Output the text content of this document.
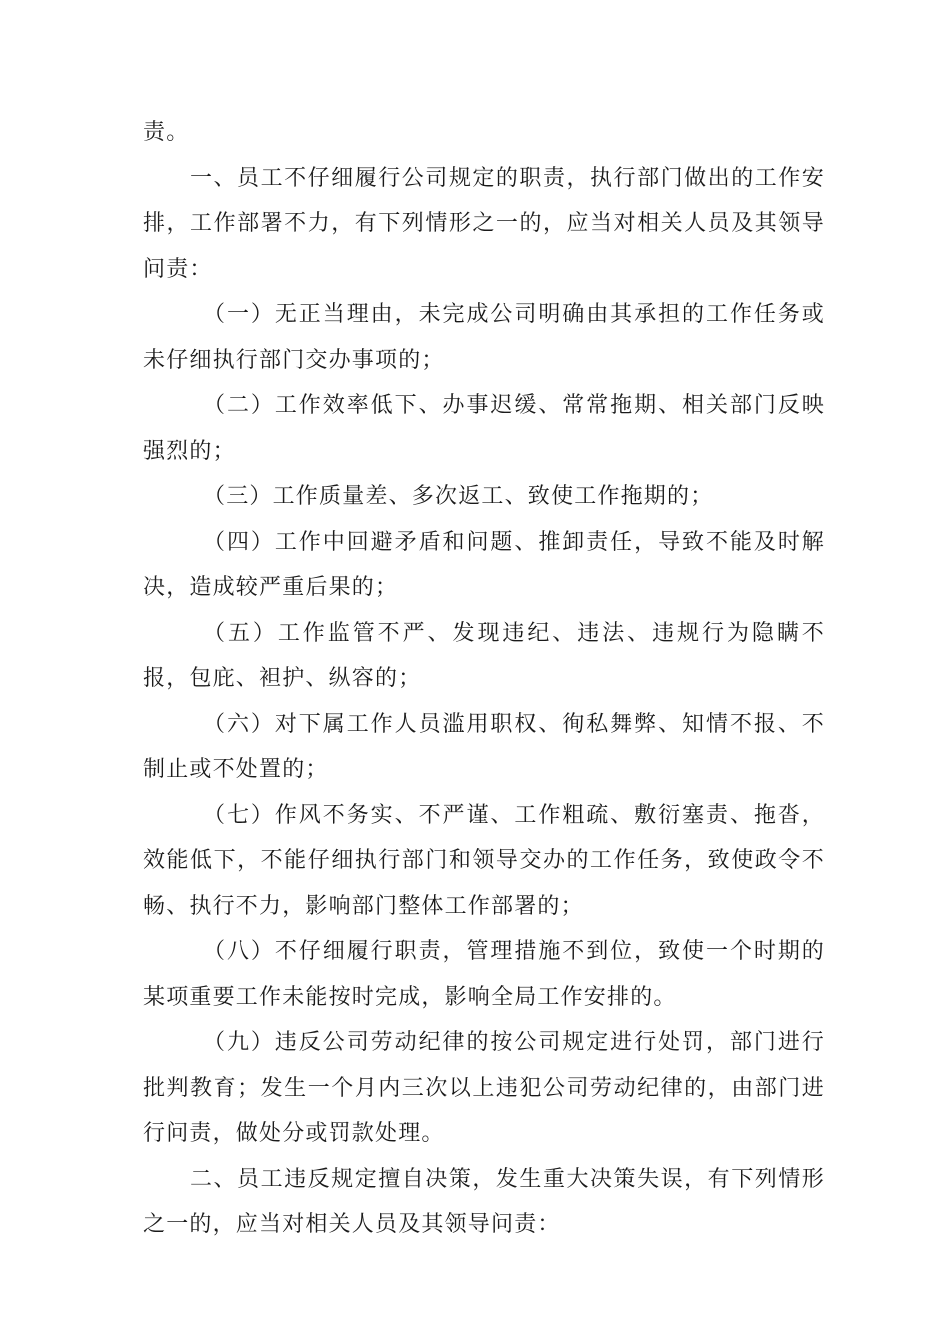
责。

一、员工不仔细履行公司规定的职责，执行部门做出的工作安排，工作部署不力，有下列情形之一的，应当对相关人员及其领导问责：

（一）无正当理由，未完成公司明确由其承担的工作任务或未仔细执行部门交办事项的；

（二）工作效率低下、办事迟缓、常常拖期、相关部门反映强烈的；

（三）工作质量差、多次返工、致使工作拖期的；

（四）工作中回避矛盾和问题、推卸责任，导致不能及时解决，造成较严重后果的；

（五）工作监管不严、发现违纪、违法、违规行为隐瞒不报，包庇、袒护、纵容的；

（六）对下属工作人员滥用职权、徇私舞弊、知情不报、不制止或不处置的；

（七）作风不务实、不严谨、工作粗疏、敷衍塞责、拖沓，效能低下，不能仔细执行部门和领导交办的工作任务，致使政令不畅、执行不力，影响部门整体工作部署的；

（八）不仔细履行职责，管理措施不到位，致使一个时期的某项重要工作未能按时完成，影响全局工作安排的。

（九）违反公司劳动纪律的按公司规定进行处罚，部门进行批判教育；发生一个月内三次以上违犯公司劳动纪律的，由部门进行问责，做处分或罚款处理。

二、员工违反规定擅自决策，发生重大决策失误，有下列情形之一的，应当对相关人员及其领导问责：
